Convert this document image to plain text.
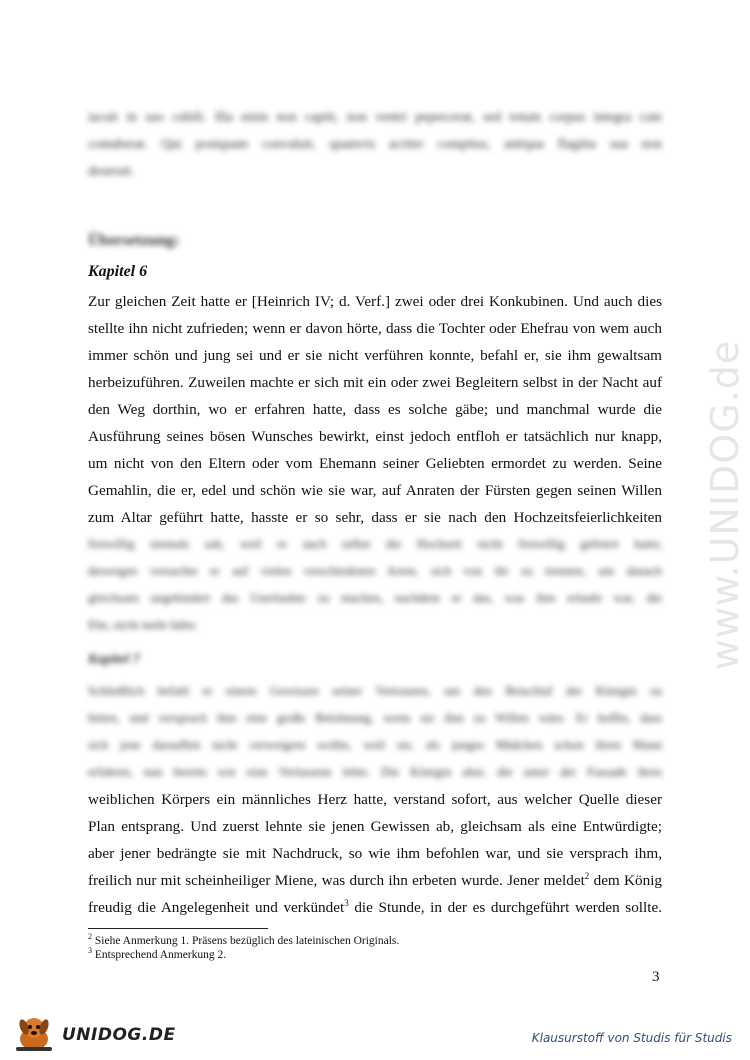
www.UNIDOG.de
iacuit in suo cubili. Illa enim non capiti, non ventri pepercerat, sed totum corpus integra cute
contaberat. Qui postquam convaluit, quamvis acriter compitus, antiqua flagitia sua non
deseruit.
Übersetzung:
Kapitel 6
Zur gleichen Zeit hatte er [Heinrich IV; d. Verf.] zwei oder drei Konkubinen. Und auch dies
stellte ihn nicht zufrieden; wenn er davon hörte, dass die Tochter oder Ehefrau von wem auch
immer schön und jung sei und er sie nicht verführen konnte, befahl er, sie ihm gewaltsam
herbeizuführen. Zuweilen machte er sich mit ein oder zwei Begleitern selbst in der Nacht auf
den Weg dorthin, wo er erfahren hatte, dass es solche gäbe; und manchmal wurde die
Ausführung seines bösen Wunsches bewirkt, einst jedoch entfloh er tatsächlich nur knapp,
um nicht von den Eltern oder vom Ehemann seiner Geliebten ermordet zu werden. Seine
Gemahlin, die er, edel und schön wie sie war, auf Anraten der Fürsten gegen seinen Willen
zum Altar geführt hatte, hasste er so sehr, dass er sie nach den Hochzeitsfeierlichkeiten
freiwillig niemals sah, weil er auch selbst die Hochzeit nicht freiwillig gefeiert hatte;
deswegen versuchte er auf vielen verschiedenen Arten, sich von ihr zu trennen, um danach
gleichsam ungehindert das Unerlaubte zu machen, nachdem er das, was ihm erlaubt war, die
Ehe, nicht mehr hätte.
Kapitel 7
Schließlich befahl er einem Gewissen seiner Vertrauten, um den Beischlaf der Königin zu
bitten, und versprach ihm eine große Belohnung, wenn sie ihm zu Willen wäre. Er hoffte, dass
sich jene daraufhin nicht verweigern wollte, weil sie, als junges Mädchen schon ihren Mann
erfahren, nun bereits wie eine Verlassene lebte. Die Königin aber, die unter der Fassade ihres
weiblichen Körpers ein männliches Herz hatte, verstand sofort, aus welcher Quelle dieser
Plan entsprang. Und zuerst lehnte sie jenen Gewissen ab, gleichsam als eine Entwürdigte;
aber jener bedrängte sie mit Nachdruck, so wie ihm befohlen war, und sie versprach ihm,
freilich nur mit scheinheiliger Miene, was durch ihn erbeten wurde. Jener meldet$^2$ dem König
freudig die Angelegenheit und verkündet$^3$ die Stunde, in der es durchgeführt werden sollte.
$^2$ Siehe Anmerkung 1. Präsens bezüglich des lateinischen Originals.
$^3$ Entsprechend Anmerkung 2.
3
UNIDOG.DE	Klausurstoff von Studis für Studis
